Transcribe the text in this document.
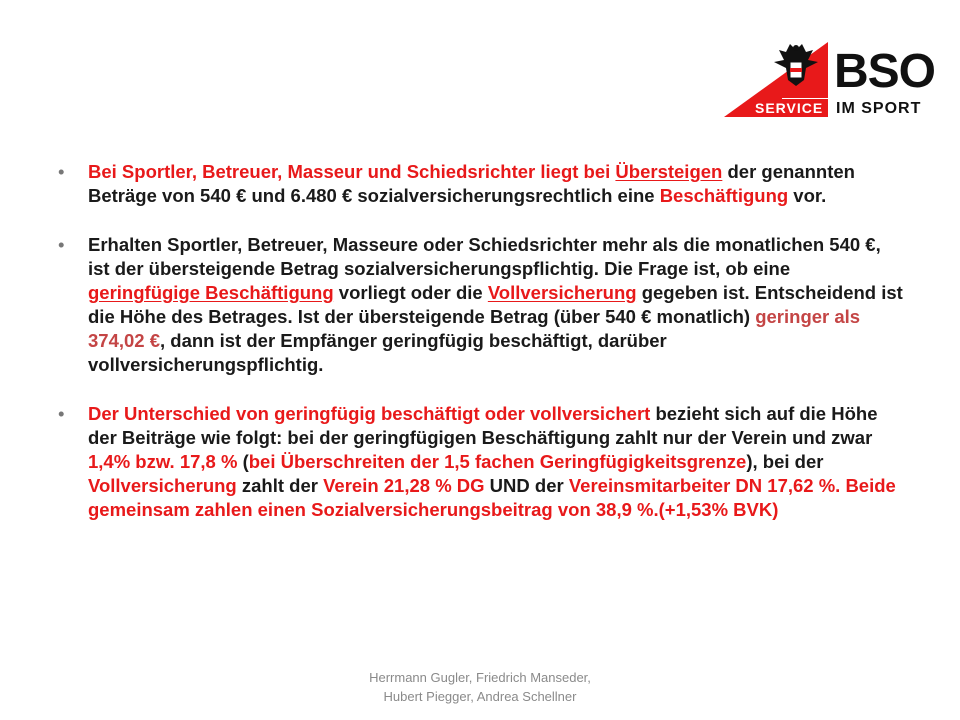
SERVICE
BSO
IM SPORT
• Bei Sportler, Betreuer, Masseur und Schiedsrichter liegt bei Übersteigen der genannten Beträge von 540 € und 6.480 € sozialversicherungsrechtlich eine Beschäftigung vor.
• Erhalten Sportler, Betreuer, Masseure oder Schiedsrichter mehr als die monatlichen 540 €, ist der übersteigende Betrag sozialversicherungspflichtig. Die Frage ist, ob eine geringfügige Beschäftigung vorliegt oder die Vollversicherung gegeben ist. Entscheidend ist die Höhe des Betrages. Ist der übersteigende Betrag (über 540 € monatlich) geringer als 374,02 €, dann ist der Empfänger geringfügig beschäftigt, darüber vollversicherungspflichtig.
• Der Unterschied von geringfügig beschäftigt oder vollversichert bezieht sich auf die Höhe der Beiträge wie folgt: bei der geringfügigen Beschäftigung zahlt nur der Verein und zwar 1,4% bzw. 17,8 % (bei Überschreiten der 1,5 fachen Geringfügigkeitsgrenze), bei der Vollversicherung zahlt der Verein 21,28 % DG UND der Vereinsmitarbeiter DN 17,62 %. Beide gemeinsam zahlen einen Sozialversicherungsbeitrag von 38,9 %.(+1,53% BVK)
Herrmann Gugler, Friedrich Manseder,
Hubert Piegger, Andrea Schellner
